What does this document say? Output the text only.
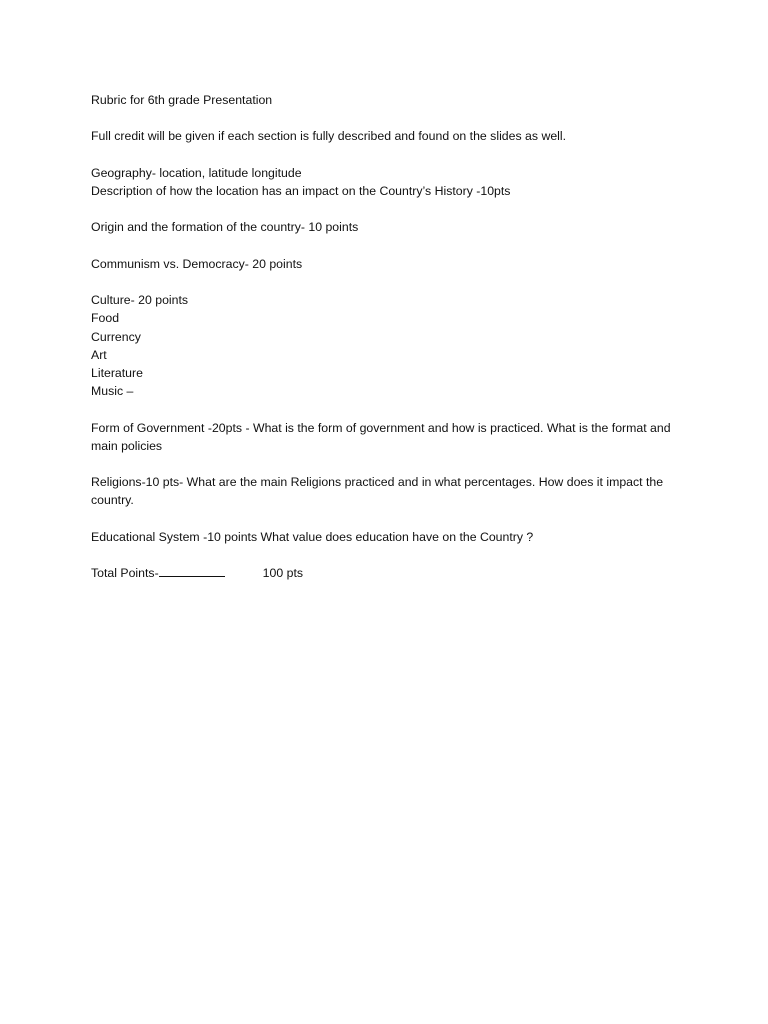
Rubric for 6th grade Presentation
Full credit will be given if each section is fully described and found on the slides as well.
Geography- location, latitude longitude
Description of how the location has an impact on the Country’s History -10pts
Origin and the formation of the country- 10 points
Communism vs. Democracy- 20 points
Culture- 20 points
Food
Currency
Art
Literature
Music –
Form of Government -20pts - What is the form of government and how is practiced. What is the format and main policies
Religions-10 pts- What are the main Religions practiced and in what percentages. How does it impact the country.
Educational System -10 points What value does education have on the Country ?
Total Points-	100 pts
